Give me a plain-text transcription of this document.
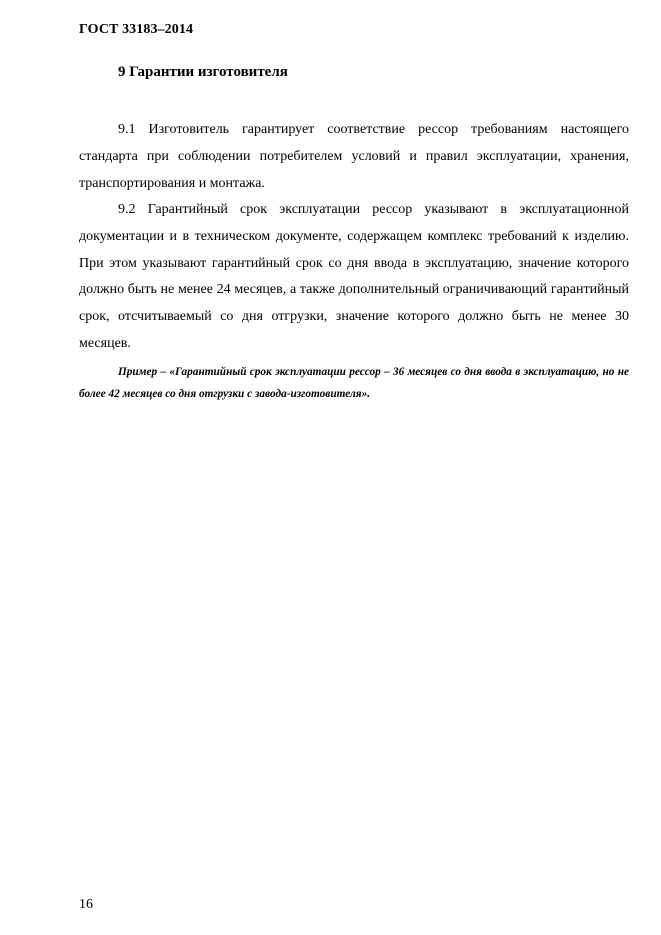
ГОСТ 33183–2014
9 Гарантии изготовителя

9.1 Изготовитель гарантирует соответствие рессор требованиям настоящего стандарта при соблюдении потребителем условий и правил эксплуатации, хранения, транспортирования и монтажа.

9.2 Гарантийный срок эксплуатации рессор указывают в эксплуатационной документации и в техническом документе, содержащем комплекс требований к изделию. При этом указывают гарантийный срок со дня ввода в эксплуатацию, значение которого должно быть не менее 24 месяцев, а также дополнительный ограничивающий гарантийный срок, отсчитываемый со дня отгрузки, значение которого должно быть не менее 30 месяцев.

Пример – «Гарантийный срок эксплуатации рессор – 36 месяцев со дня ввода в эксплуатацию, но не более 42 месяцев со дня отгрузки с завода-изготовителя».

16
